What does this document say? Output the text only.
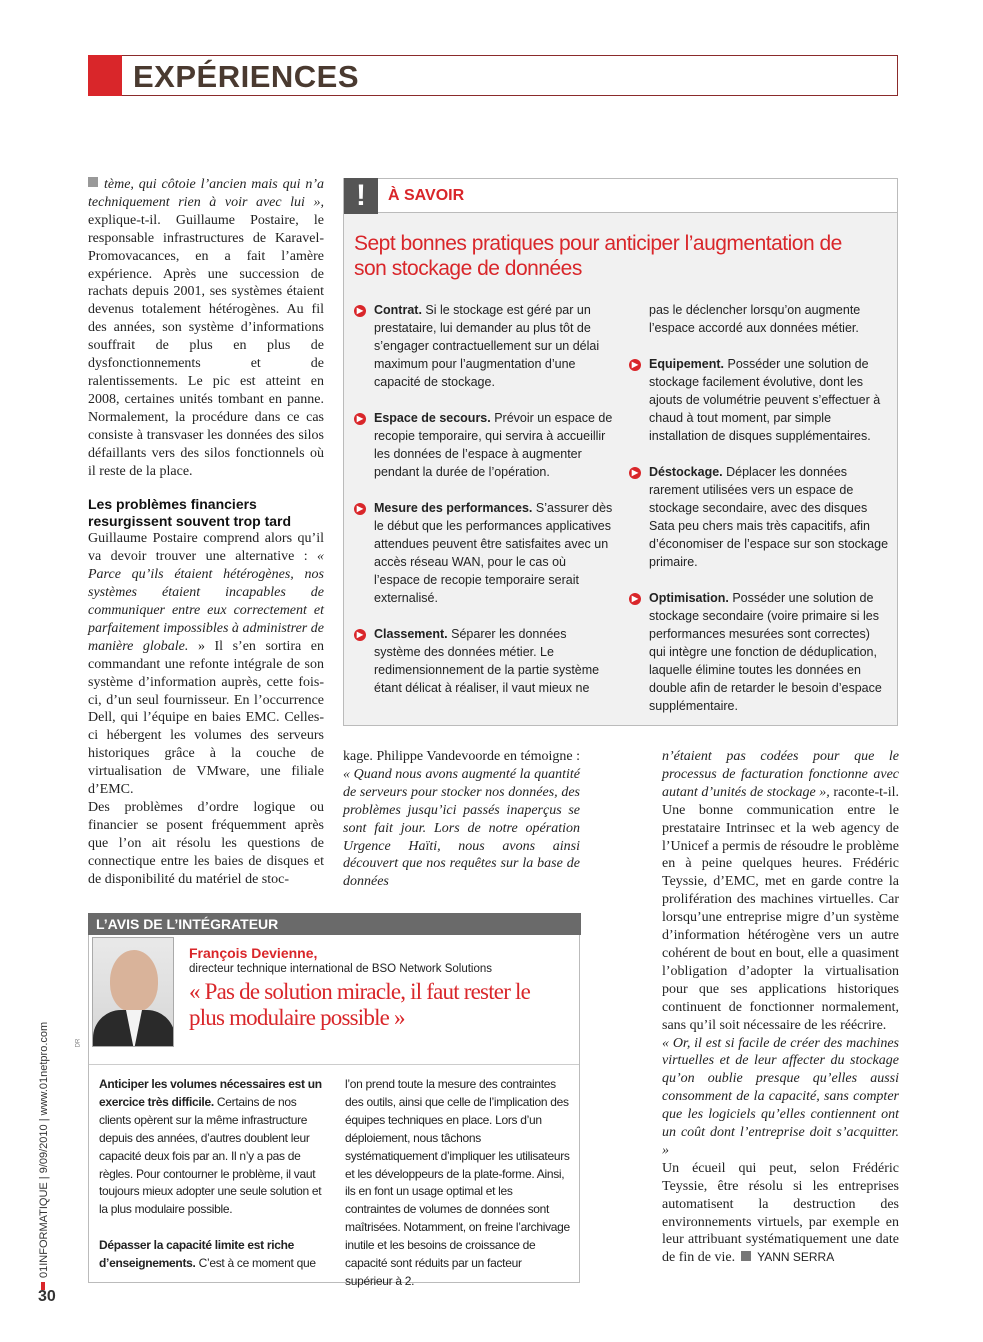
EXPÉRIENCES

tème, qui côtoie l’ancien mais qui n’a techniquement rien à voir avec lui », explique-t-il. Guillaume Postaire, le responsable infrastructures de Karavel-Promovacances, en a fait l’amère expérience. Après une succession de rachats depuis 2001, ses systèmes étaient devenus totalement hétérogènes. Au fil des années, son système d’informations souffrait de plus en plus de dysfonctionnements et de ralentissements. Le pic est atteint en 2008, certaines unités tombant en panne. Normalement, la procédure dans ce cas consiste à transvaser les données des silos défaillants vers des silos fonctionnels où il reste de la place.

Les problèmes financiers resurgissent souvent trop tard

Guillaume Postaire comprend alors qu’il va devoir trouver une alternative : « Parce qu’ils étaient hétérogènes, nos systèmes étaient incapables de communiquer entre eux correctement et parfaitement impossibles à administrer de manière globale. » Il s’en sortira en commandant une refonte intégrale de son système d’information auprès, cette fois-ci, d’un seul fournisseur. En l’occurrence Dell, qui l’équipe en baies EMC. Celles-ci hébergent les volumes des serveurs historiques grâce à la couche de virtualisation de VMware, une filiale d’EMC.

Des problèmes d’ordre logique ou financier se posent fréquemment après que l’on ait résolu les questions de connectique entre les baies de disques et de disponibilité du matériel de stoc-

!	À SAVOIR
Sept bonnes pratiques pour anticiper l’augmentation de son stockage de données
▶ Contrat. Si le stockage est géré par un prestataire, lui demander au plus tôt de s’engager contractuellement sur un délai maximum pour l’augmentation d’une capacité de stockage.
▶ Espace de secours. Prévoir un espace de recopie temporaire, qui servira à accueillir les données de l’espace à augmenter pendant la durée de l’opération.
▶ Mesure des performances. S’assurer dès le début que les performances applicatives attendues peuvent être satisfaites avec un accès réseau WAN, pour le cas où l’espace de recopie temporaire serait externalisé.
▶ Classement. Séparer les données système des données métier. Le redimensionnement de la partie système étant délicat à réaliser, il vaut mieux ne
pas le déclencher lorsqu’on augmente l’espace accordé aux données métier.
▶ Equipement. Posséder une solution de stockage facilement évolutive, dont les ajouts de volumétrie peuvent s’effectuer à chaud à tout moment, par simple installation de disques supplémentaires.
▶ Déstockage. Déplacer les données rarement utilisées vers un espace de stockage secondaire, avec des disques Sata peu chers mais très capacitifs, afin d’économiser de l’espace sur son stockage primaire.
▶ Optimisation. Posséder une solution de stockage secondaire (voire primaire si les performances mesurées sont correctes) qui intègre une fonction de déduplication, laquelle élimine toutes les données en double afin de retarder le besoin d’espace supplémentaire.

kage. Philippe Vandevoorde en témoigne : « Quand nous avons augmenté la quantité de serveurs pour stocker nos données, des problèmes jusqu’ici passés inaperçus se sont fait jour. Lors de notre opération Urgence Haïti, nous avons ainsi découvert que nos requêtes sur la base de données

n’étaient pas codées pour que le processus de facturation fonctionne avec autant d’unités de stockage », raconte-t-il. Une bonne communication entre le prestataire Intrinsec et la web agency de l’Unicef a permis de résoudre le problème en à peine quelques heures. Frédéric Teyssie, d’EMC, met en garde contre la prolifération des machines virtuelles. Car lorsqu’une entreprise migre d’un système d’information hétérogène vers un autre cohérent de bout en bout, elle a quasiment l’obligation d’adopter la virtualisation pour que ses applications historiques continuent de fonctionner normalement, sans qu’il soit nécessaire de les réécrire.

« Or, il est si facile de créer des machines virtuelles et de leur affecter du stockage qu’on oublie presque qu’elles aussi consomment de la capacité, sans compter que les logiciels qu’elles contiennent ont un coût dont l’entreprise doit s’acquitter. »

Un écueil qui peut, selon Frédéric Teyssie, être résolu si les entreprises automatisent la destruction des environnements virtuels, par exemple en leur attribuant systématiquement une date de fin de vie. YANN SERRA

L’AVIS DE L’INTÉGRATEUR
François Devienne,
directeur technique international de BSO Network Solutions
« Pas de solution miracle, il faut rester le plus modulaire possible »

Anticiper les volumes nécessaires est un exercice très difficile. Certains de nos clients opèrent sur la même infrastructure depuis des années, d’autres doublent leur capacité deux fois par an. Il n’y a pas de règles. Pour contourner le problème, il vaut toujours mieux adopter une seule solution et la plus modulaire possible.

Dépasser la capacité limite est riche d’enseignements. C’est à ce moment que

l’on prend toute la mesure des contraintes des outils, ainsi que celle de l’implication des équipes techniques en place. Lors d’un déploiement, nous tâchons systématiquement d’impliquer les utilisateurs et les développeurs de la plate-forme. Ainsi, ils en font un usage optimal et les contraintes de volumes de données sont maîtrisées. Notamment, on freine l’archivage inutile et les besoins de croissance de capacité sont réduits par un facteur supérieur à 2.

DR
01INFORMATIQUE | 9/09/2010 | www.01netpro.com
30
